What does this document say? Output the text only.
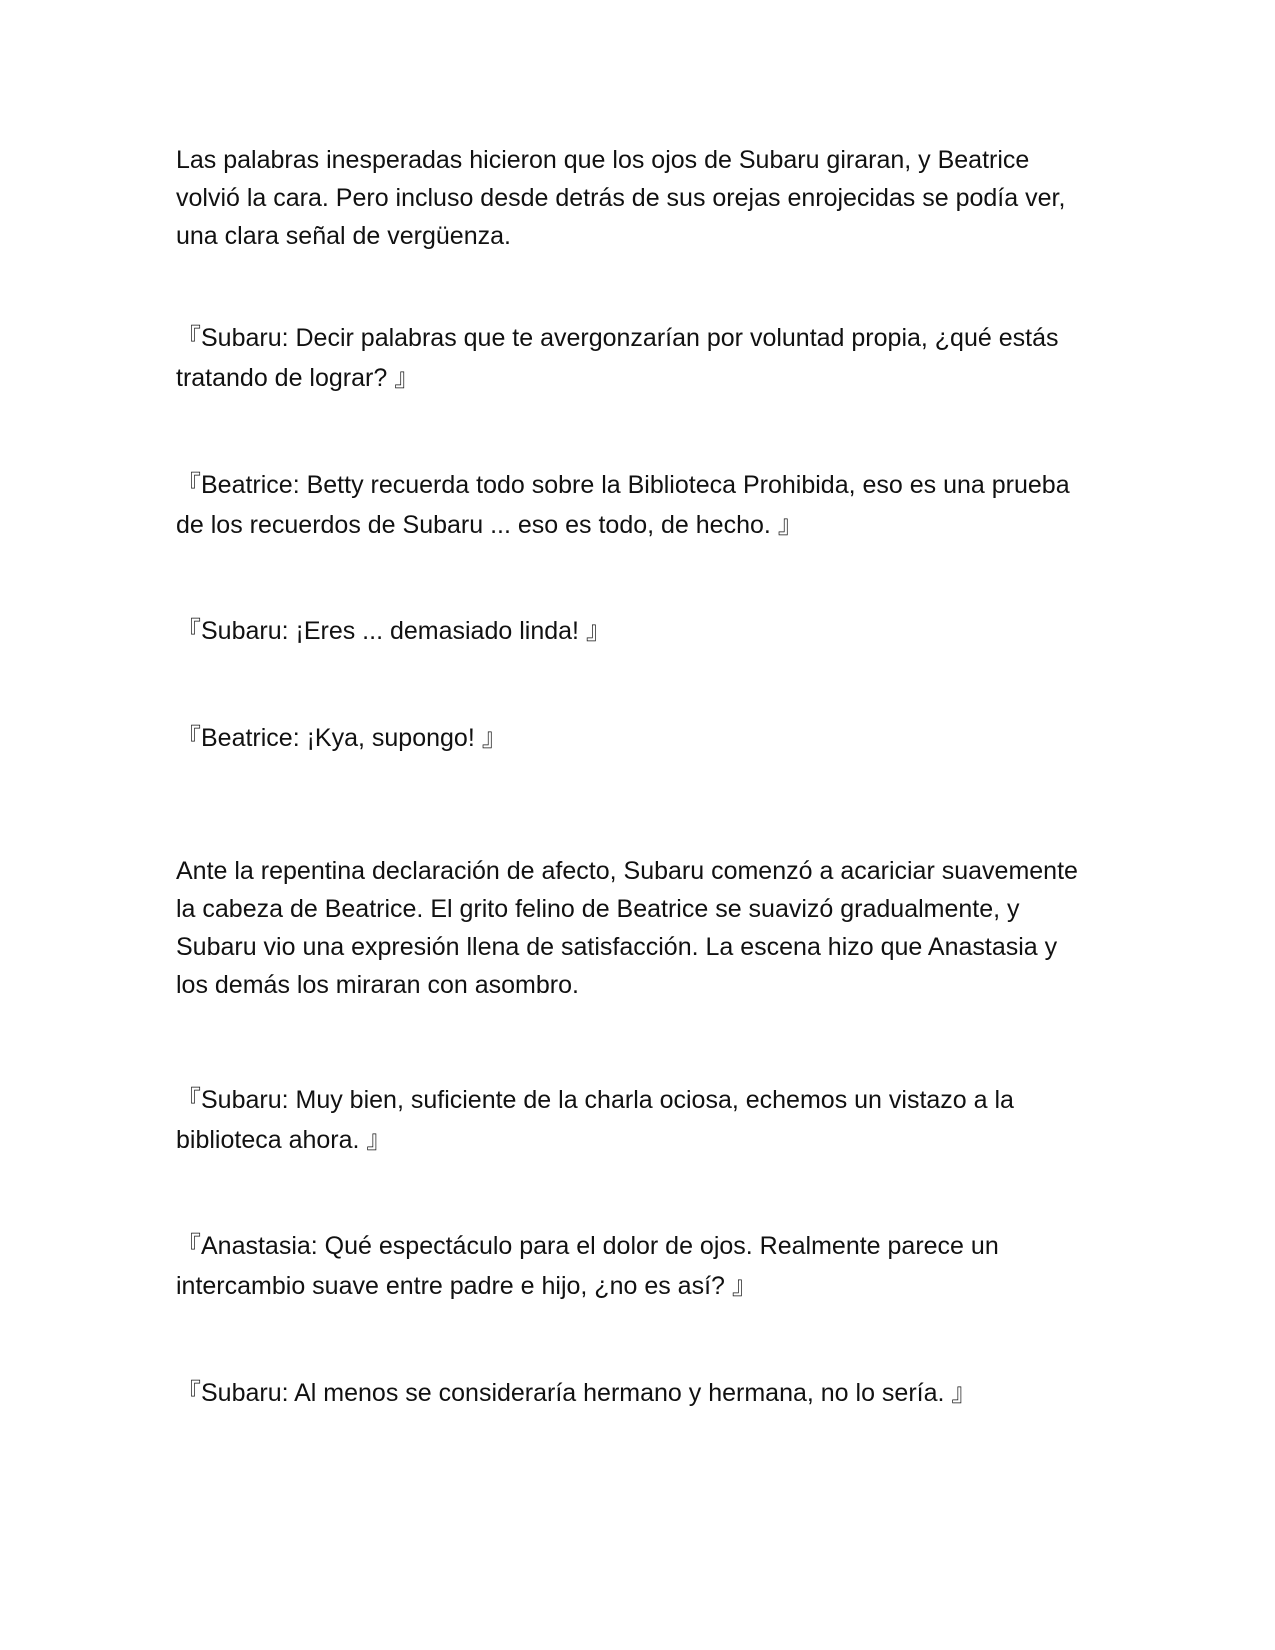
Las palabras inesperadas hicieron que los ojos de Subaru giraran, y Beatrice volvió la cara. Pero incluso desde detrás de sus orejas enrojecidas se podía ver, una clara señal de vergüenza.

『Subaru: Decir palabras que te avergonzarían por voluntad propia, ¿qué estás tratando de lograr? 』

『Beatrice: Betty recuerda todo sobre la Biblioteca Prohibida, eso es una prueba de los recuerdos de Subaru ... eso es todo, de hecho. 』

『Subaru: ¡Eres ... demasiado linda! 』

『Beatrice: ¡Kya, supongo! 』

Ante la repentina declaración de afecto, Subaru comenzó a acariciar suavemente la cabeza de Beatrice. El grito felino de Beatrice se suavizó gradualmente, y Subaru vio una expresión llena de satisfacción. La escena hizo que Anastasia y los demás los miraran con asombro.

『Subaru: Muy bien, suficiente de la charla ociosa, echemos un vistazo a la biblioteca ahora. 』

『Anastasia: Qué espectáculo para el dolor de ojos. Realmente parece un intercambio suave entre padre e hijo, ¿no es así? 』

『Subaru: Al menos se consideraría hermano y hermana, no lo sería. 』
